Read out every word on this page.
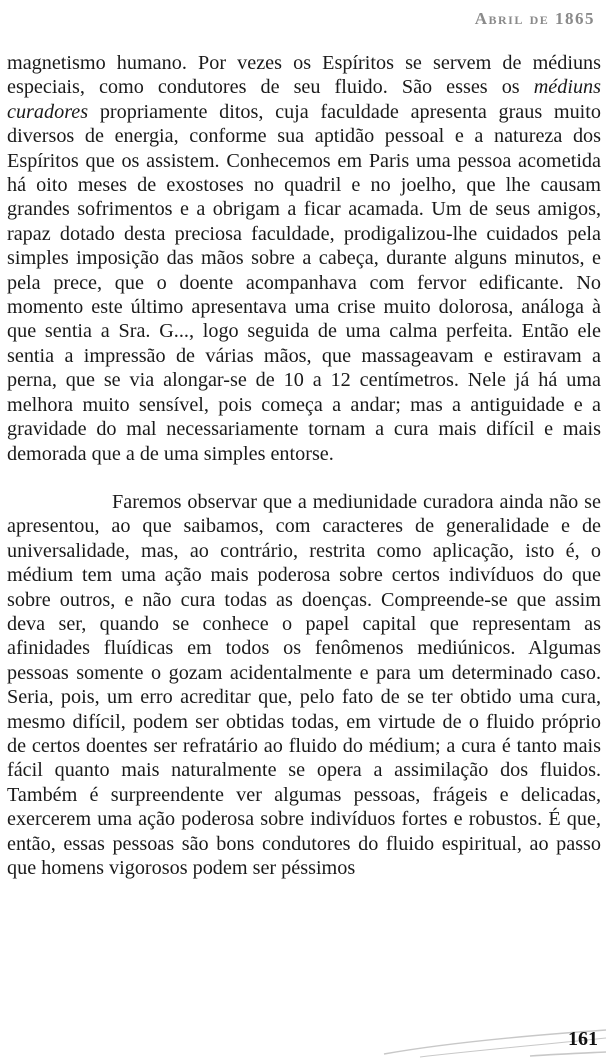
Abril de 1865

magnetismo humano. Por vezes os Espíritos se servem de médiuns especiais, como condutores de seu fluido. São esses os médiuns curadores propriamente ditos, cuja faculdade apresenta graus muito diversos de energia, conforme sua aptidão pessoal e a natureza dos Espíritos que os assistem. Conhecemos em Paris uma pessoa acometida há oito meses de exostoses no quadril e no joelho, que lhe causam grandes sofrimentos e a obrigam a ficar acamada. Um de seus amigos, rapaz dotado desta preciosa faculdade, prodigalizou-lhe cuidados pela simples imposição das mãos sobre a cabeça, durante alguns minutos, e pela prece, que o doente acompanhava com fervor edificante. No momento este último apresentava uma crise muito dolorosa, análoga à que sentia a Sra. G..., logo seguida de uma calma perfeita. Então ele sentia a impressão de várias mãos, que massageavam e estiravam a perna, que se via alongar-se de 10 a 12 centímetros. Nele já há uma melhora muito sensível, pois começa a andar; mas a antiguidade e a gravidade do mal necessariamente tornam a cura mais difícil e mais demorada que a de uma simples entorse.

Faremos observar que a mediunidade curadora ainda não se apresentou, ao que saibamos, com caracteres de generalidade e de universalidade, mas, ao contrário, restrita como aplicação, isto é, o médium tem uma ação mais poderosa sobre certos indivíduos do que sobre outros, e não cura todas as doenças. Compreende-se que assim deva ser, quando se conhece o papel capital que representam as afinidades fluídicas em todos os fenômenos mediúnicos. Algumas pessoas somente o gozam acidentalmente e para um determinado caso. Seria, pois, um erro acreditar que, pelo fato de se ter obtido uma cura, mesmo difícil, podem ser obtidas todas, em virtude de o fluido próprio de certos doentes ser refratário ao fluido do médium; a cura é tanto mais fácil quanto mais naturalmente se opera a assimilação dos fluidos. Também é surpreendente ver algumas pessoas, frágeis e delicadas, exercerem uma ação poderosa sobre indivíduos fortes e robustos. É que, então, essas pessoas são bons condutores do fluido espiritual, ao passo que homens vigorosos podem ser péssimos

161
